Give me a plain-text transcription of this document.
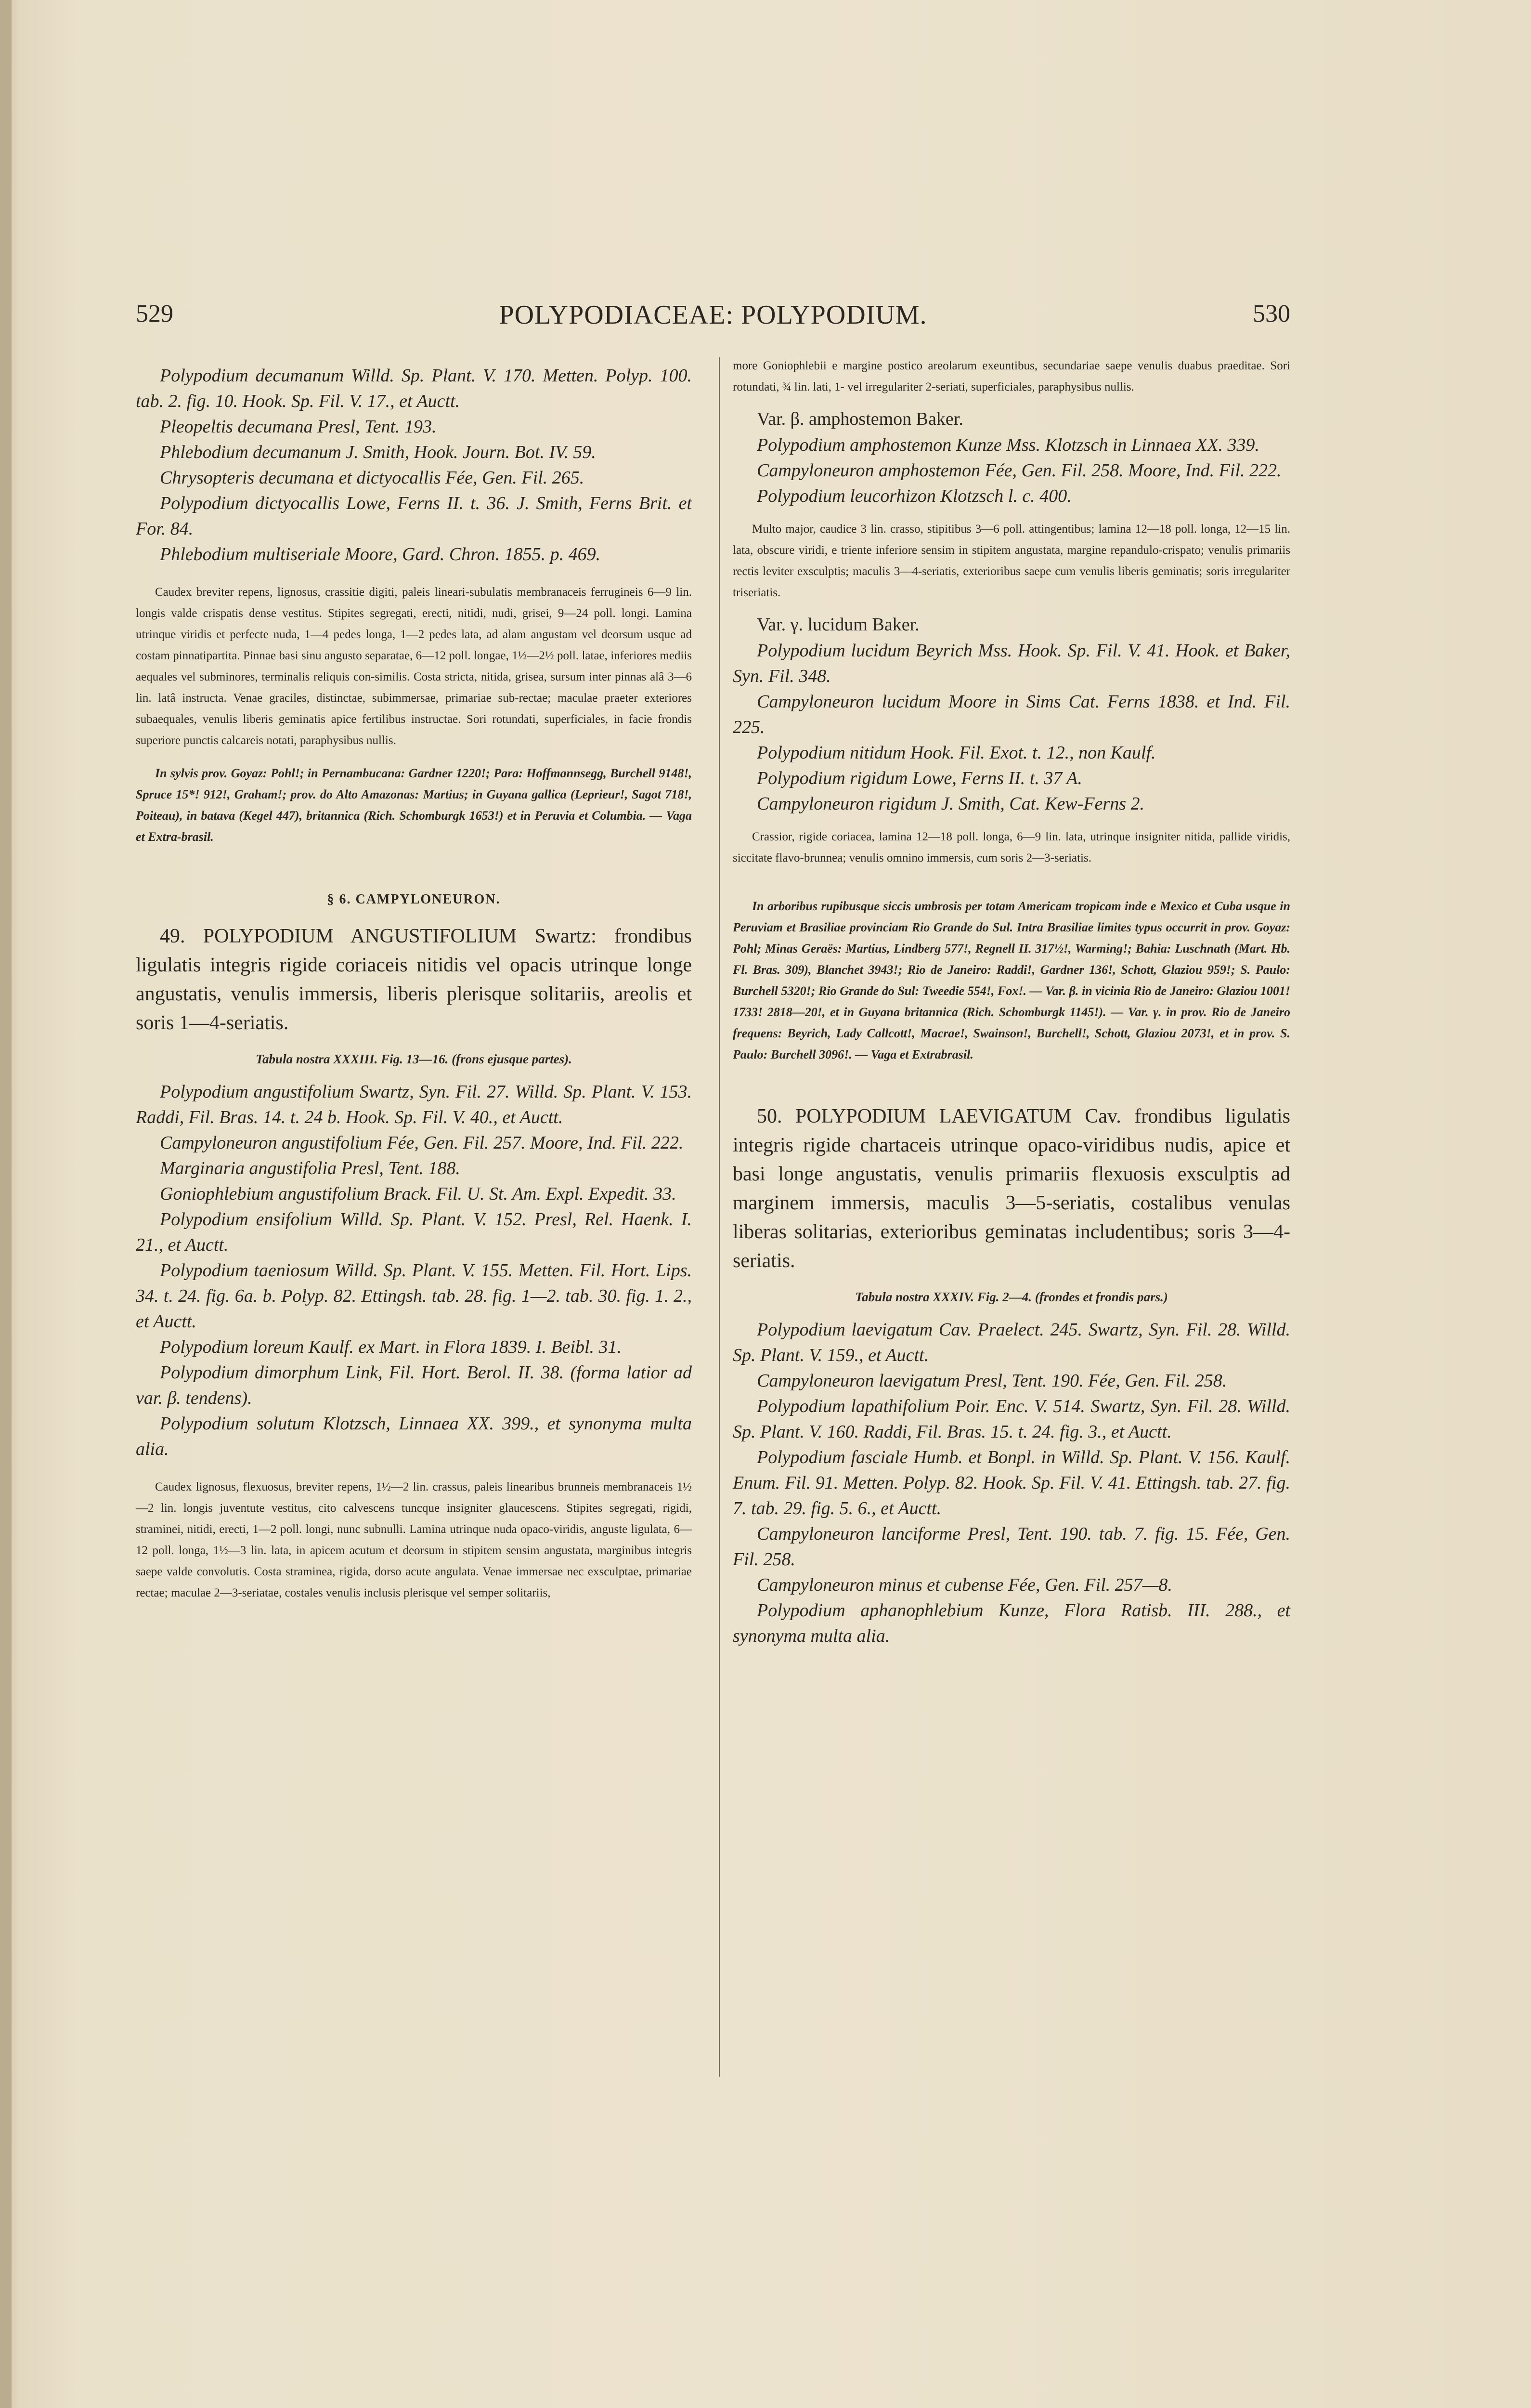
529	POLYPODIACEAE: POLYPODIUM.	530

Polypodium decumanum Willd. Sp. Plant. V. 170. Metten. Polyp. 100. tab. 2. fig. 10. Hook. Sp. Fil. V. 17., et Auctt.

Pleopeltis decumana Presl, Tent. 193.

Phlebodium decumanum J. Smith, Hook. Journ. Bot. IV. 59.

Chrysopteris decumana et dictyocallis Fée, Gen. Fil. 265.

Polypodium dictyocallis Lowe, Ferns II. t. 36. J. Smith, Ferns Brit. et For. 84.

Phlebodium multiseriale Moore, Gard. Chron. 1855. p. 469.

Caudex breviter repens, lignosus, crassitie digiti, paleis lineari-subulatis membranaceis ferrugineis 6—9 lin. longis valde crispatis dense vestitus. Stipites segregati, erecti, nitidi, nudi, grisei, 9—24 poll. longi. Lamina utrinque viridis et perfecte nuda, 1—4 pedes longa, 1—2 pedes lata, ad alam angustam vel deorsum usque ad costam pinnatipartita. Pinnae basi sinu angusto separatae, 6—12 poll. longae, 1½—2½ poll. latae, inferiores mediis aequales vel subminores, terminalis reliquis con-similis. Costa stricta, nitida, grisea, sursum inter pinnas alâ 3—6 lin. latâ instructa. Venae graciles, distinctae, subimmersae, primariae sub-rectae; maculae praeter exteriores subaequales, venulis liberis geminatis apice fertilibus instructae. Sori rotundati, superficiales, in facie frondis superiore punctis calcareis notati, paraphysibus nullis.

In sylvis prov. Goyaz: Pohl!; in Pernambucana: Gardner 1220!; Para: Hoffmannsegg, Burchell 9148!, Spruce 15*! 912!, Graham!; prov. do Alto Amazonas: Martius; in Guyana gallica (Leprieur!, Sagot 718!, Poiteau), in batava (Kegel 447), britannica (Rich. Schomburgk 1653!) et in Peruvia et Columbia. — Vaga et Extra-brasil.

§ 6. CAMPYLONEURON.

49. POLYPODIUM ANGUSTIFOLIUM Swartz: frondibus ligulatis integris rigide coriaceis nitidis vel opacis utrinque longe angustatis, venulis immersis, liberis plerisque solitariis, areolis et soris 1—4-seriatis.

Tabula nostra XXXIII. Fig. 13—16. (frons ejusque partes).

Polypodium angustifolium Swartz, Syn. Fil. 27. Willd. Sp. Plant. V. 153. Raddi, Fil. Bras. 14. t. 24 b. Hook. Sp. Fil. V. 40., et Auctt.

Campyloneuron angustifolium Fée, Gen. Fil. 257. Moore, Ind. Fil. 222.

Marginaria angustifolia Presl, Tent. 188.

Goniophlebium angustifolium Brack. Fil. U. St. Am. Expl. Expedit. 33.

Polypodium ensifolium Willd. Sp. Plant. V. 152. Presl, Rel. Haenk. I. 21., et Auctt.

Polypodium taeniosum Willd. Sp. Plant. V. 155. Metten. Fil. Hort. Lips. 34. t. 24. fig. 6a. b. Polyp. 82. Ettingsh. tab. 28. fig. 1—2. tab. 30. fig. 1. 2., et Auctt.

Polypodium loreum Kaulf. ex Mart. in Flora 1839. I. Beibl. 31.

Polypodium dimorphum Link, Fil. Hort. Berol. II. 38. (forma latior ad var. β. tendens).

Polypodium solutum Klotzsch, Linnaea XX. 399., et synonyma multa alia.

Caudex lignosus, flexuosus, breviter repens, 1½—2 lin. crassus, paleis linearibus brunneis membranaceis 1½—2 lin. longis juventute vestitus, cito calvescens tuncque insigniter glaucescens. Stipites segregati, rigidi, straminei, nitidi, erecti, 1—2 poll. longi, nunc subnulli. Lamina utrinque nuda opaco-viridis, anguste ligulata, 6—12 poll. longa, 1½—3 lin. lata, in apicem acutum et deorsum in stipitem sensim angustata, marginibus integris saepe valde convolutis. Costa straminea, rigida, dorso acute angulata. Venae immersae nec exsculptae, primariae rectae; maculae 2—3-seriatae, costales venulis inclusis plerisque vel semper solitariis,

more Goniophlebii e margine postico areolarum exeuntibus, secundariae saepe venulis duabus praeditae. Sori rotundati, ¾ lin. lati, 1- vel irregulariter 2-seriati, superficiales, paraphysibus nullis.

Var. β. amphostemon Baker.

Polypodium amphostemon Kunze Mss. Klotzsch in Linnaea XX. 339.

Campyloneuron amphostemon Fée, Gen. Fil. 258. Moore, Ind. Fil. 222.

Polypodium leucorhizon Klotzsch l. c. 400.

Multo major, caudice 3 lin. crasso, stipitibus 3—6 poll. attingentibus; lamina 12—18 poll. longa, 12—15 lin. lata, obscure viridi, e triente inferiore sensim in stipitem angustata, margine repandulo-crispato; venulis primariis rectis leviter exsculptis; maculis 3—4-seriatis, exterioribus saepe cum venulis liberis geminatis; soris irregulariter triseriatis.

Var. γ. lucidum Baker.

Polypodium lucidum Beyrich Mss. Hook. Sp. Fil. V. 41. Hook. et Baker, Syn. Fil. 348.

Campyloneuron lucidum Moore in Sims Cat. Ferns 1838. et Ind. Fil. 225.

Polypodium nitidum Hook. Fil. Exot. t. 12., non Kaulf.

Polypodium rigidum Lowe, Ferns II. t. 37 A.

Campyloneuron rigidum J. Smith, Cat. Kew-Ferns 2.

Crassior, rigide coriacea, lamina 12—18 poll. longa, 6—9 lin. lata, utrinque insigniter nitida, pallide viridis, siccitate flavo-brunnea; venulis omnino immersis, cum soris 2—3-seriatis.

In arboribus rupibusque siccis umbrosis per totam Americam tropicam inde e Mexico et Cuba usque in Peruviam et Brasiliae provinciam Rio Grande do Sul. Intra Brasiliae limites typus occurrit in prov. Goyaz: Pohl; Minas Geraës: Martius, Lindberg 577!, Regnell II. 317½!, Warming!; Bahia: Luschnath (Mart. Hb. Fl. Bras. 309), Blanchet 3943!; Rio de Janeiro: Raddi!, Gardner 136!, Schott, Glaziou 959!; S. Paulo: Burchell 5320!; Rio Grande do Sul: Tweedie 554!, Fox!. — Var. β. in vicinia Rio de Janeiro: Glaziou 1001! 1733! 2818—20!, et in Guyana britannica (Rich. Schomburgk 1145!). — Var. γ. in prov. Rio de Janeiro frequens: Beyrich, Lady Callcott!, Macrae!, Swainson!, Burchell!, Schott, Glaziou 2073!, et in prov. S. Paulo: Burchell 3096!. — Vaga et Extrabrasil.

50. POLYPODIUM LAEVIGATUM Cav. frondibus ligulatis integris rigide chartaceis utrinque opaco-viridibus nudis, apice et basi longe angustatis, venulis primariis flexuosis exsculptis ad marginem immersis, maculis 3—5-seriatis, costalibus venulas liberas solitarias, exterioribus geminatas includentibus; soris 3—4-seriatis.

Tabula nostra XXXIV. Fig. 2—4. (frondes et frondis pars.)

Polypodium laevigatum Cav. Praelect. 245. Swartz, Syn. Fil. 28. Willd. Sp. Plant. V. 159., et Auctt.

Campyloneuron laevigatum Presl, Tent. 190. Fée, Gen. Fil. 258.

Polypodium lapathifolium Poir. Enc. V. 514. Swartz, Syn. Fil. 28. Willd. Sp. Plant. V. 160. Raddi, Fil. Bras. 15. t. 24. fig. 3., et Auctt.

Polypodium fasciale Humb. et Bonpl. in Willd. Sp. Plant. V. 156. Kaulf. Enum. Fil. 91. Metten. Polyp. 82. Hook. Sp. Fil. V. 41. Ettingsh. tab. 27. fig. 7. tab. 29. fig. 5. 6., et Auctt.

Campyloneuron lanciforme Presl, Tent. 190. tab. 7. fig. 15. Fée, Gen. Fil. 258.

Campyloneuron minus et cubense Fée, Gen. Fil. 257—8.

Polypodium aphanophlebium Kunze, Flora Ratisb. III. 288., et synonyma multa alia.
